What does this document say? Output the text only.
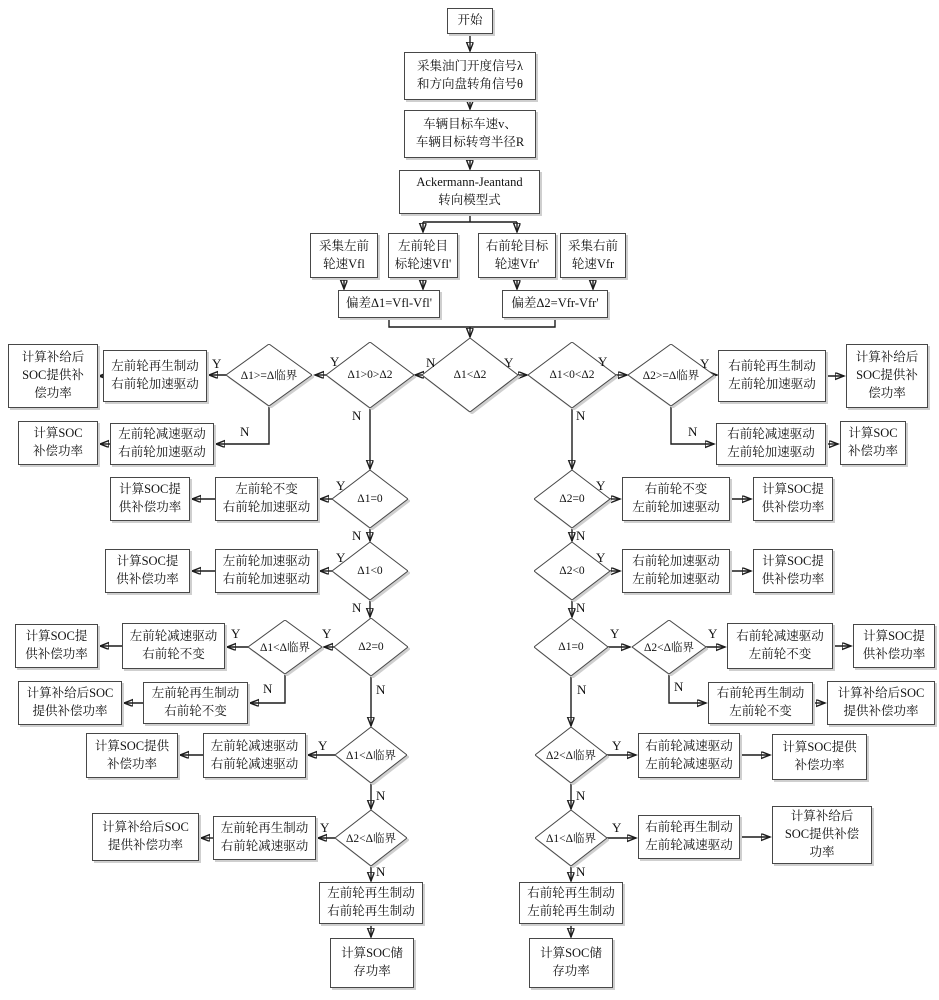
开始
采集油门开度信号λ
和方向盘转角信号θ
车辆目标车速v、
车辆目标转弯半径R
Ackermann-Jeantand
转向模型式
采集左前
轮速Vfl
左前轮目
标轮速Vfl'
右前轮目标
轮速Vfr'
采集右前
轮速Vfr
偏差Δ1=Vfl-Vfl'	偏差Δ2=Vfr-Vfr'
Δ1<Δ2
Δ1>0>Δ2	Δ1<0<Δ2
Δ1>=Δ临界	Δ2>=Δ临界
左前轮再生制动
右前轮加速驱动
计算补给后
SOC提供补
偿功率
左前轮减速驱动
右前轮加速驱动
计算SOC
补偿功率
右前轮再生制动
左前轮加速驱动
计算补给后
SOC提供补
偿功率
右前轮减速驱动
左前轮加速驱动
计算SOC
补偿功率
Δ1=0
Δ1<0
Δ2=0
Δ2<0
左前轮不变
右前轮加速驱动
计算SOC提
供补偿功率
左前轮加速驱动
右前轮加速驱动
计算SOC提
供补偿功率
右前轮不变
左前轮加速驱动
计算SOC提
供补偿功率
右前轮加速驱动
左前轮加速驱动
计算SOC提
供补偿功率
Δ2=0
Δ1<Δ临界	Δ1=0	Δ2<Δ临界
左前轮减速驱动
右前轮不变
计算SOC提
供补偿功率
左前轮再生制动
右前轮不变
计算补给后SOC
提供补偿功率
右前轮减速驱动
左前轮不变
计算SOC提
供补偿功率
右前轮再生制动
左前轮不变
计算补给后SOC
提供补偿功率
Δ1<Δ临界	Δ2<Δ临界
左前轮减速驱动
右前轮减速驱动
计算SOC提供
补偿功率
右前轮减速驱动
左前轮减速驱动
计算SOC提供
补偿功率
Δ2<Δ临界	Δ1<Δ临界
左前轮再生制动
右前轮减速驱动
计算补给后SOC
提供补偿功率
右前轮再生制动
左前轮减速驱动
计算补给后
SOC提供补偿
功率
左前轮再生制动
右前轮再生制动
计算SOC储
存功率
右前轮再生制动
左前轮再生制动
计算SOC储
存功率
N	Y
Y
N
Y
N
Y
N
Y
N
Y
N
Y
N
Y
N
Y
N
Y
Y
N	N
Y	Y
N
N
Y
N
Y
N
Y
N
Y
N
